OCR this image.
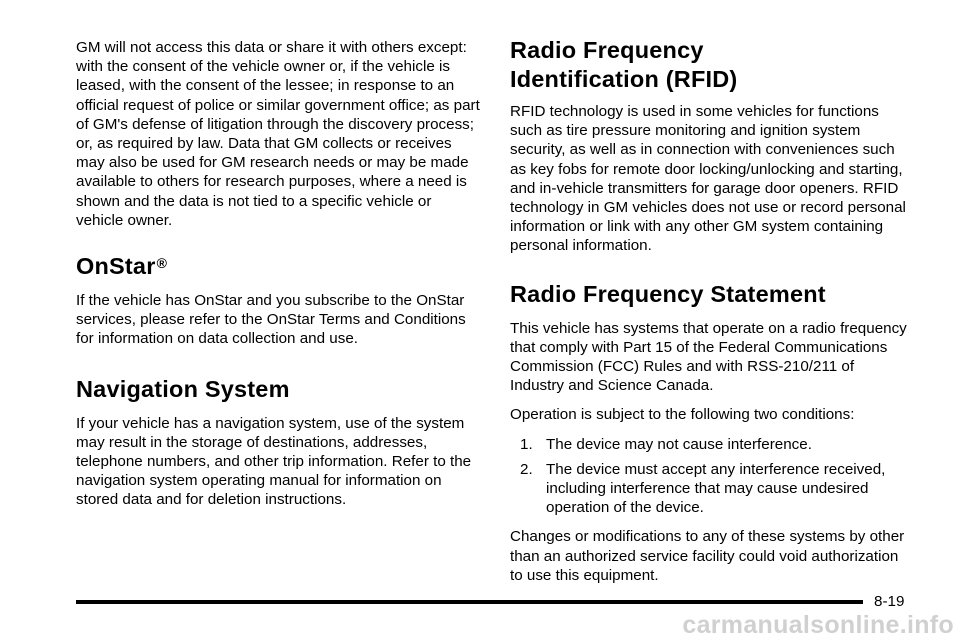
GM will not access this data or share it with others except: with the consent of the vehicle owner or, if the vehicle is leased, with the consent of the lessee; in response to an official request of police or similar government office; as part of GM's defense of litigation through the discovery process; or, as required by law. Data that GM collects or receives may also be used for GM research needs or may be made available to others for research purposes, where a need is shown and the data is not tied to a specific vehicle or vehicle owner.

OnStar®

If the vehicle has OnStar and you subscribe to the OnStar services, please refer to the OnStar Terms and Conditions for information on data collection and use.

Navigation System

If your vehicle has a navigation system, use of the system may result in the storage of destinations, addresses, telephone numbers, and other trip information. Refer to the navigation system operating manual for information on stored data and for deletion instructions.

Radio Frequency
Identification (RFID)

RFID technology is used in some vehicles for functions such as tire pressure monitoring and ignition system security, as well as in connection with conveniences such as key fobs for remote door locking/unlocking and starting, and in-vehicle transmitters for garage door openers. RFID technology in GM vehicles does not use or record personal information or link with any other GM system containing personal information.

Radio Frequency Statement

This vehicle has systems that operate on a radio frequency that comply with Part 15 of the Federal Communications Commission (FCC) Rules and with RSS-210/211 of Industry and Science Canada.

Operation is subject to the following two conditions:

1. The device may not cause interference.
2. The device must accept any interference received, including interference that may cause undesired operation of the device.

Changes or modifications to any of these systems by other than an authorized service facility could void authorization to use this equipment.

8-19
carmanualsonline.info
